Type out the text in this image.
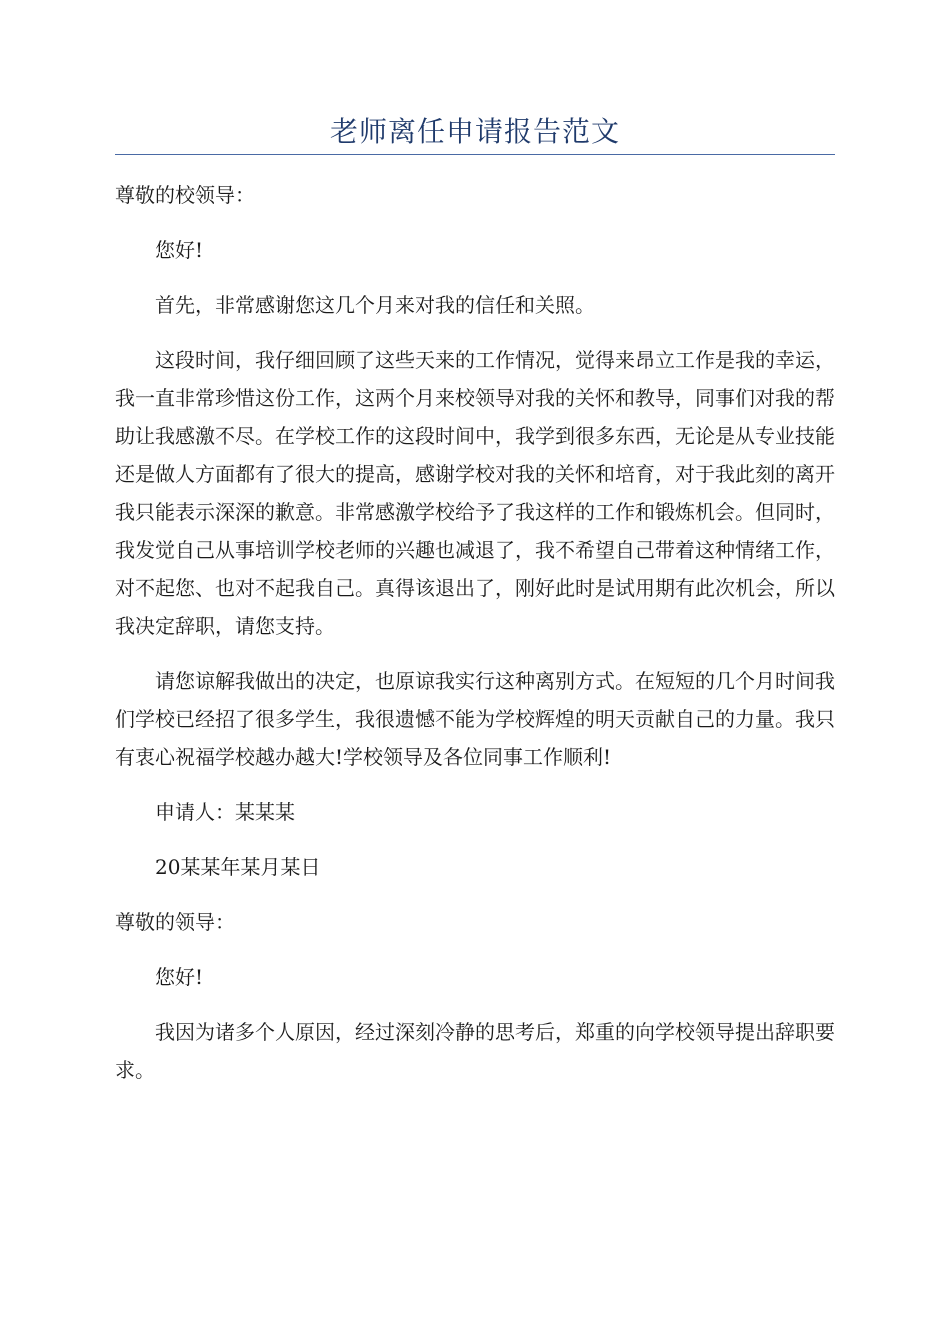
老师离任申请报告范文

尊敬的校领导：

您好!

首先，非常感谢您这几个月来对我的信任和关照。

这段时间，我仔细回顾了这些天来的工作情况，觉得来昂立工作是我的幸运，我一直非常珍惜这份工作，这两个月来校领导对我的关怀和教导，同事们对我的帮助让我感激不尽。在学校工作的这段时间中，我学到很多东西，无论是从专业技能还是做人方面都有了很大的提高，感谢学校对我的关怀和培育，对于我此刻的离开我只能表示深深的歉意。非常感激学校给予了我这样的工作和锻炼机会。但同时，我发觉自己从事培训学校老师的兴趣也减退了，我不希望自己带着这种情绪工作，对不起您、也对不起我自己。真得该退出了，刚好此时是试用期有此次机会，所以我决定辞职，请您支持。

请您谅解我做出的决定，也原谅我实行这种离别方式。在短短的几个月时间我们学校已经招了很多学生，我很遗憾不能为学校辉煌的明天贡献自己的力量。我只有衷心祝福学校越办越大!学校领导及各位同事工作顺利!

申请人：某某某

20某某年某月某日

尊敬的领导：

您好!

我因为诸多个人原因，经过深刻冷静的思考后，郑重的向学校领导提出辞职要求。
